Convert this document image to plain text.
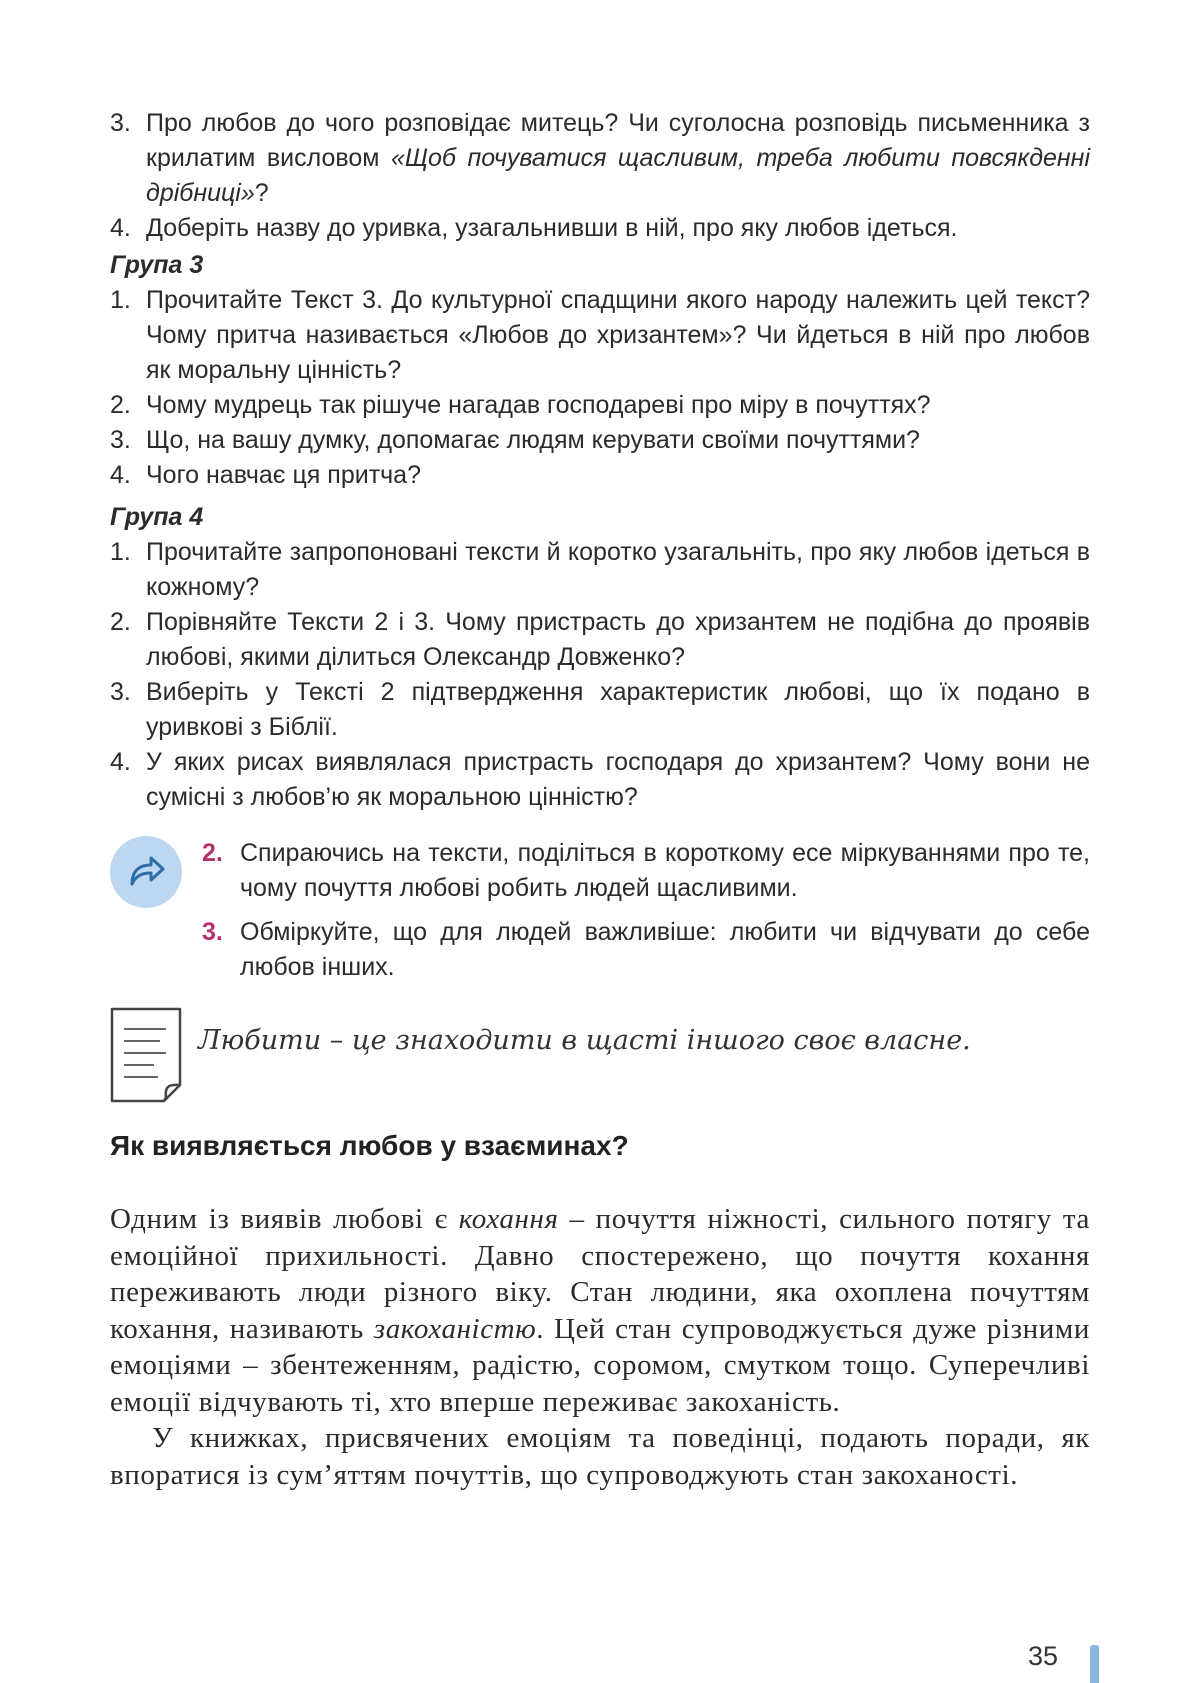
3. Про любов до чого розповідає митець? Чи суголосна розповідь письменника з крилатим висловом «Щоб почуватися щасливим, треба любити повсякденні дрібниці»?
4. Доберіть назву до уривка, узагальнивши в ній, про яку любов ідеться.
Група 3
1. Прочитайте Текст 3. До культурної спадщини якого народу належить цей текст? Чому притча називається «Любов до хризантем»? Чи йдеться в ній про любов як моральну цінність?
2. Чому мудрець так рішуче нагадав господареві про міру в почуттях?
3. Що, на вашу думку, допомагає людям керувати своїми почуттями?
4. Чого навчає ця притча?
Група 4
1. Прочитайте запропоновані тексти й коротко узагальніть, про яку любов ідеться в кожному?
2. Порівняйте Тексти 2 і 3. Чому пристрасть до хризантем не подібна до проявів любові, якими ділиться Олександр Довженко?
3. Виберіть у Тексті 2 підтвердження характеристик любові, що їх подано в уривкові з Біблії.
4. У яких рисах виявлялася пристрасть господаря до хризантем? Чому вони не сумісні з любов’ю як моральною цінністю?
2. Спираючись на тексти, поділіться в короткому есе міркуваннями про те, чому почуття любові робить людей щасливими.
3. Обміркуйте, що для людей важливіше: любити чи відчувати до себе любов інших.
Любити – це знаходити в щасті іншого своє власне.
Як виявляється любов у взаєминах?

Одним із виявів любові є кохання – почуття ніжності, сильного потягу та емоційної прихильності. Давно спостережено, що почуття кохання переживають люди різного віку. Стан людини, яка охоплена почуттям кохання, називають закоханістю. Цей стан супроводжується дуже різними емоціями – збентеженням, радістю, соромом, смутком тощо. Суперечливі емоції відчувають ті, хто вперше переживає закоханість.

У книжках, присвячених емоціям та поведінці, подають поради, як впоратися із сум’яттям почуттів, що супроводжують стан закоханості.

35
